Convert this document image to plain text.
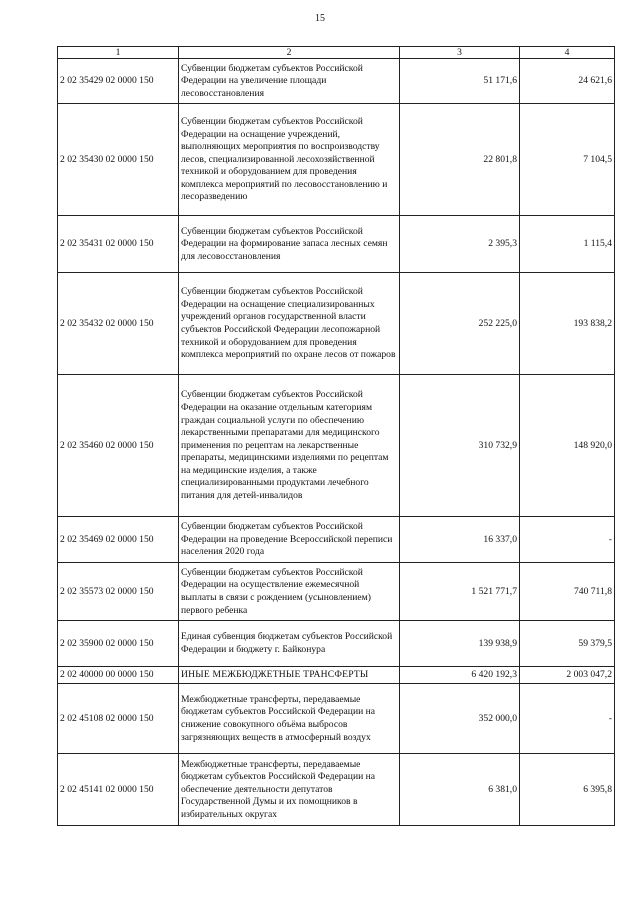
15
1	2	3	4
2 02 35429 02 0000 150	Субвенции бюджетам субъектов Российской Федерации на увеличение площади лесовосстановления	51 171,6	24 621,6
2 02 35430 02 0000 150	Субвенции бюджетам субъектов Российской Федерации на оснащение учреждений, выполняющих мероприятия по воспроизводству лесов, специализированной лесохозяйственной техникой и оборудованием для проведения комплекса мероприятий по лесовосстановлению и лесоразведению	22 801,8	7 104,5
2 02 35431 02 0000 150	Субвенции бюджетам субъектов Российской Федерации на формирование запаса лесных семян для лесовосстановления	2 395,3	1 115,4
2 02 35432 02 0000 150	Субвенции бюджетам субъектов Российской Федерации на оснащение специализированных учреждений органов государственной власти субъектов Российской Федерации лесопожарной техникой и оборудованием для проведения комплекса мероприятий по охране лесов от пожаров	252 225,0	193 838,2
2 02 35460 02 0000 150	Субвенции бюджетам субъектов Российской Федерации на оказание отдельным категориям граждан социальной услуги по обеспечению лекарственными препаратами для медицинского применения по рецептам на лекарственные препараты, медицинскими изделиями по рецептам на медицинские изделия, а также специализированными продуктами лечебного питания для детей-инвалидов	310 732,9	148 920,0
2 02 35469 02 0000 150	Субвенции бюджетам субъектов Российской Федерации на проведение Всероссийской переписи населения 2020 года	16 337,0	-
2 02 35573 02 0000 150	Субвенции бюджетам субъектов Российской Федерации на осуществление ежемесячной выплаты в связи с рождением (усыновлением) первого ребенка	1 521 771,7	740 711,8
2 02 35900 02 0000 150	Единая субвенция бюджетам субъектов Российской Федерации и бюджету г. Байконура	139 938,9	59 379,5
2 02 40000 00 0000 150	ИНЫЕ МЕЖБЮДЖЕТНЫЕ ТРАНСФЕРТЫ	6 420 192,3	2 003 047,2
2 02 45108 02 0000 150	Межбюджетные трансферты, передаваемые бюджетам субъектов Российской Федерации на снижение совокупного объёма выбросов загрязняющих веществ в атмосферный воздух	352 000,0	-
2 02 45141 02 0000 150	Межбюджетные трансферты, передаваемые бюджетам субъектов Российской Федерации на обеспечение деятельности депутатов Государственной Думы и их помощников в избирательных округах	6 381,0	6 395,8
